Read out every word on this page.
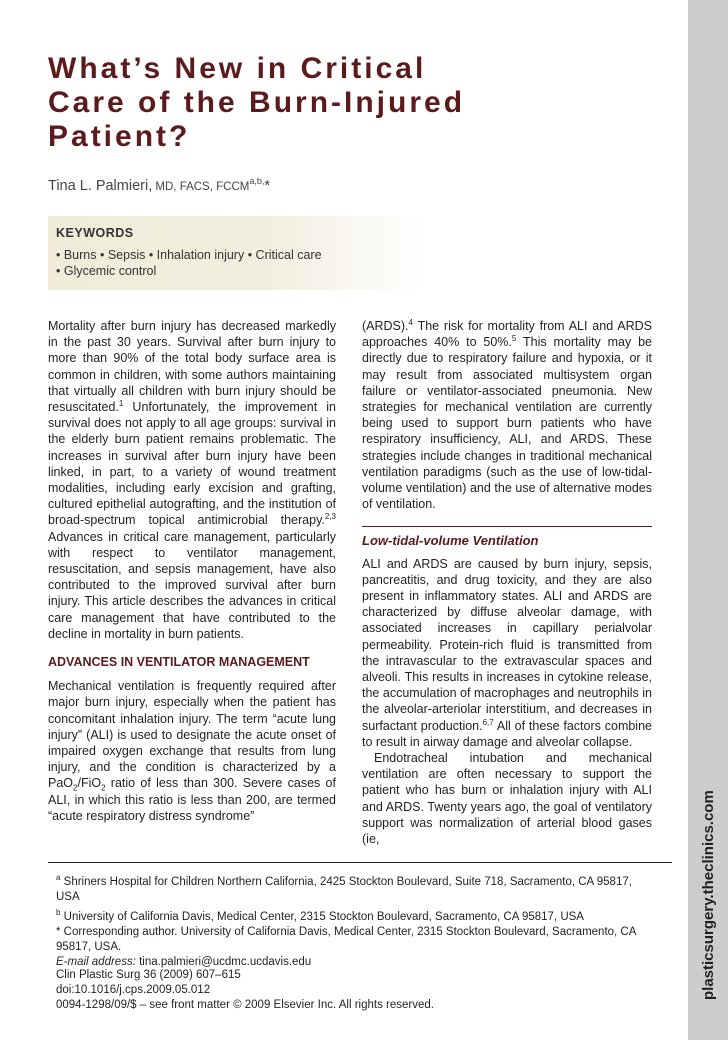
plasticsurgery.theclinics.com
What’s New in Critical
Care of the Burn-Injured
Patient?
Tina L. Palmieri, MD, FACS, $FCCM^{a,b,}*$
KEYWORDS
• Burns • Sepsis • Inhalation injury • Critical care
• Glycemic control

Mortality after burn injury has decreased markedly in the past 30 years. Survival after burn injury to more than 90% of the total body surface area is common in children, with some authors maintaining that virtually all children with burn injury should be resuscitated.$^1$ Unfortunately, the improvement in survival does not apply to all age groups: survival in the elderly burn patient remains problematic. The increases in survival after burn injury have been linked, in part, to a variety of wound treatment modalities, including early excision and grafting, cultured epithelial autografting, and the institution of broad-spectrum topical antimicrobial therapy.$^{2,3}$ Advances in critical care management, particularly with respect to ventilator management, resuscitation, and sepsis management, have also contributed to the improved survival after burn injury. This article describes the advances in critical care management that have contributed to the decline in mortality in burn patients.

ADVANCES IN VENTILATOR MANAGEMENT

Mechanical ventilation is frequently required after major burn injury, especially when the patient has concomitant inhalation injury. The term “acute lung injury” (ALI) is used to designate the acute onset of impaired oxygen exchange that results from lung injury, and the condition is characterized by a PaO$_2$/FiO$_2$ ratio of less than 300. Severe cases of ALI, in which this ratio is less than 200, are termed “acute respiratory distress syndrome”

(ARDS).$^4$ The risk for mortality from ALI and ARDS approaches 40% to 50%.$^5$ This mortality may be directly due to respiratory failure and hypoxia, or it may result from associated multisystem organ failure or ventilator-associated pneumonia. New strategies for mechanical ventilation are currently being used to support burn patients who have respiratory insufficiency, ALI, and ARDS. These strategies include changes in traditional mechanical ventilation paradigms (such as the use of low-tidal-volume ventilation) and the use of alternative modes of ventilation.

Low-tidal-volume Ventilation

ALI and ARDS are caused by burn injury, sepsis, pancreatitis, and drug toxicity, and they are also present in inflammatory states. ALI and ARDS are characterized by diffuse alveolar damage, with associated increases in capillary perialvolar permeability. Protein-rich fluid is transmitted from the intravascular to the extravascular spaces and alveoli. This results in increases in cytokine release, the accumulation of macrophages and neutrophils in the alveolar-arteriolar interstitium, and decreases in surfactant production.$^{6,7}$ All of these factors combine to result in airway damage and alveolar collapse.

Endotracheal intubation and mechanical ventilation are often necessary to support the patient who has burn or inhalation injury with ALI and ARDS. Twenty years ago, the goal of ventilatory support was normalization of arterial blood gases (ie,

$^a$ Shriners Hospital for Children Northern California, 2425 Stockton Boulevard, Suite 718, Sacramento, CA 95817, USA

$^b$ University of California Davis, Medical Center, 2315 Stockton Boulevard, Sacramento, CA 95817, USA

* Corresponding author. University of California Davis, Medical Center, 2315 Stockton Boulevard, Sacramento, CA 95817, USA.

E-mail address: tina.palmieri@ucdmc.ucdavis.edu

Clin Plastic Surg 36 (2009) 607–615

doi:10.1016/j.cps.2009.05.012

0094-1298/09/$ – see front matter © 2009 Elsevier Inc. All rights reserved.
